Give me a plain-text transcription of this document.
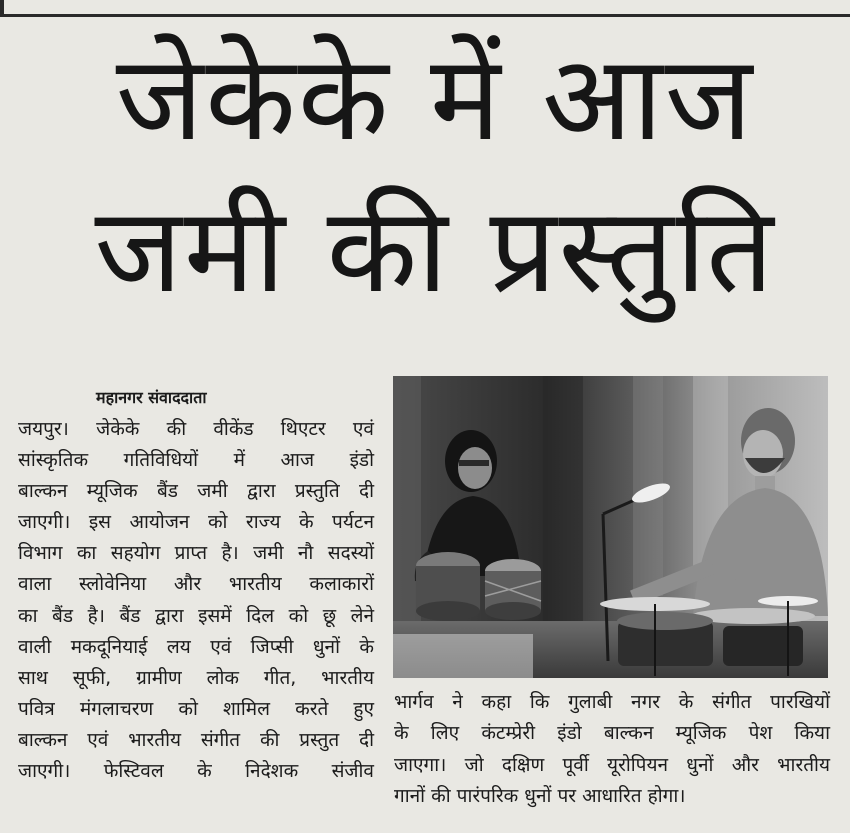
जेकेके में आज
जमी की प्रस्तुति
महानगर संवाददाता
जयपुर। जेकेके की वीकेंड थिएटर एवं
सांस्कृतिक गतिविधियों में आज इंडो
बाल्कन म्यूजिक बैंड जमी द्वारा प्रस्तुति दी
जाएगी। इस आयोजन को राज्य के पर्यटन
विभाग का सहयोग प्राप्त है। जमी नौ सदस्यों
वाला स्लोवेनिया और भारतीय कलाकारों
का बैंड है। बैंड द्वारा इसमें दिल को छू लेने
वाली मकदूनियाई लय एवं जिप्सी धुनों के
साथ सूफी, ग्रामीण लोक गीत, भारतीय
पवित्र मंगलाचरण को शामिल करते हुए
बाल्कन एवं भारतीय संगीत की प्रस्तुत दी
जाएगी। फेस्टिवल के निदेशक संजीव
भार्गव ने कहा कि गुलाबी नगर के संगीत पारखियों
के लिए कंटम्प्रेरी इंडो बाल्कन म्यूजिक पेश किया
जाएगा। जो दक्षिण पूर्वी यूरोपियन धुनों और भारतीय
गानों की पारंपरिक धुनों पर आधारित होगा।
